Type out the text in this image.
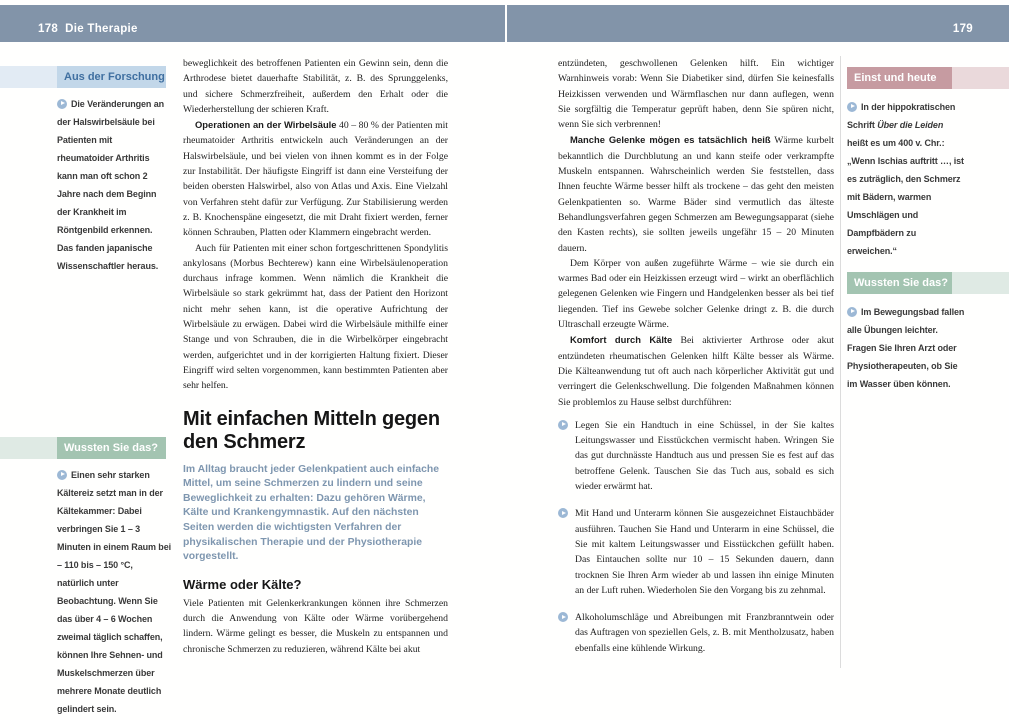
178 Die Therapie	179
Aus der Forschung
Die Veränderungen an der Halswirbelsäule bei Patienten mit rheumatoider Arthritis kann man oft schon 2 Jahre nach dem Beginn der Krankheit im Röntgenbild erkennen. Das fanden japanische Wissenschaftler heraus.
Wussten Sie das?
Einen sehr starken Kältereiz setzt man in der Kältekammer: Dabei verbringen Sie 1 – 3 Minuten in einem Raum bei – 110 bis – 150 °C, natürlich unter Beobachtung. Wenn Sie das über 4 – 6 Wochen zweimal täglich schaffen, können Ihre Sehnen- und Muskelschmerzen über mehrere Monate deutlich gelindert sein.

beweglichkeit des betroffenen Patienten ein Gewinn sein, denn die Arthrodese bietet dauerhafte Stabilität, z. B. des Sprunggelenks, und sichere Schmerzfreiheit, außerdem den Erhalt oder die Wiederherstellung der schieren Kraft.

Operationen an der Wirbelsäule 40 – 80 % der Patienten mit rheumatoider Arthritis entwickeln auch Veränderungen an der Halswirbelsäule, und bei vielen von ihnen kommt es in der Folge zur Instabilität. Der häufigste Eingriff ist dann eine Versteifung der beiden obersten Halswirbel, also von Atlas und Axis. Eine Vielzahl von Verfahren steht dafür zur Verfügung. Zur Stabilisierung werden z. B. Knochenspäne eingesetzt, die mit Draht fixiert werden, ferner können Schrauben, Platten oder Klammern eingebracht werden.

Auch für Patienten mit einer schon fortgeschrittenen Spondylitis ankylosans (Morbus Bechterew) kann eine Wirbelsäulenoperation durchaus infrage kommen. Wenn nämlich die Krankheit die Wirbelsäule so stark gekrümmt hat, dass der Patient den Horizont nicht mehr sehen kann, ist die operative Aufrichtung der Wirbelsäule zu erwägen. Dabei wird die Wirbelsäule mithilfe einer Stange und von Schrauben, die in die Wirbelkörper eingebracht werden, aufgerichtet und in der korrigierten Haltung fixiert. Dieser Eingriff wird selten vorgenommen, kann bestimmten Patienten aber sehr helfen.

Mit einfachen Mitteln gegen den Schmerz

Im Alltag braucht jeder Gelenkpatient auch einfache Mittel, um seine Schmerzen zu lindern und seine Beweglichkeit zu erhalten: Dazu gehören Wärme, Kälte und Krankengymnastik. Auf den nächsten Seiten werden die wichtigsten Verfahren der physikalischen Therapie und der Physiotherapie vorgestellt.

Wärme oder Kälte?

Viele Patienten mit Gelenkerkrankungen können ihre Schmerzen durch die Anwendung von Kälte oder Wärme vorübergehend lindern. Wärme gelingt es besser, die Muskeln zu entspannen und chronische Schmerzen zu reduzieren, während Kälte bei akut

entzündeten, geschwollenen Gelenken hilft. Ein wichtiger Warnhinweis vorab: Wenn Sie Diabetiker sind, dürfen Sie keinesfalls Heizkissen verwenden und Wärmflaschen nur dann auflegen, wenn Sie sorgfältig die Temperatur geprüft haben, denn Sie spüren nicht, wenn Sie sich verbrennen!

Manche Gelenke mögen es tatsächlich heiß Wärme kurbelt bekanntlich die Durchblutung an und kann steife oder verkrampfte Muskeln entspannen. Wahrscheinlich werden Sie feststellen, dass Ihnen feuchte Wärme besser hilft als trockene – das geht den meisten Gelenkpatienten so. Warme Bäder sind vermutlich das älteste Behandlungsverfahren gegen Schmerzen am Bewegungsapparat (siehe den Kasten rechts), sie sollten jeweils ungefähr 15 – 20 Minuten dauern.

Dem Körper von außen zugeführte Wärme – wie sie durch ein warmes Bad oder ein Heizkissen erzeugt wird – wirkt an oberflächlich gelegenen Gelenken wie Fingern und Handgelenken besser als bei tief liegenden. Tief ins Gewebe solcher Gelenke dringt z. B. die durch Ultraschall erzeugte Wärme.

Komfort durch Kälte Bei aktivierter Arthrose oder akut entzündeten rheumatischen Gelenken hilft Kälte besser als Wärme. Die Kälteanwendung tut oft auch nach körperlicher Aktivität gut und verringert die Gelenkschwellung. Die folgenden Maßnahmen können Sie problemlos zu Hause selbst durchführen:

Legen Sie ein Handtuch in eine Schüssel, in der Sie kaltes Leitungswasser und Eisstückchen vermischt haben. Wringen Sie das gut durchnässte Handtuch aus und pressen Sie es fest auf das betroffene Gelenk. Tauschen Sie das Tuch aus, sobald es sich wieder erwärmt hat.
Mit Hand und Unterarm können Sie ausgezeichnet Eistauchbäder ausführen. Tauchen Sie Hand und Unterarm in eine Schüssel, die Sie mit kaltem Leitungswasser und Eisstückchen gefüllt haben. Das Eintauchen sollte nur 10 – 15 Sekunden dauern, dann trocknen Sie Ihren Arm wieder ab und lassen ihn einige Minuten an der Luft ruhen. Wiederholen Sie den Vorgang bis zu zehnmal.
Alkoholumschläge und Abreibungen mit Franzbranntwein oder das Auftragen von speziellen Gels, z. B. mit Mentholzusatz, haben ebenfalls eine kühlende Wirkung.
Einst und heute
In der hippokratischen Schrift Über die Leiden heißt es um 400 v. Chr.: „Wenn Ischias auftritt …, ist es zuträglich, den Schmerz mit Bädern, warmen Umschlägen und Dampfbädern zu erweichen.“
Wussten Sie das?
Im Bewegungsbad fallen alle Übungen leichter. Fragen Sie Ihren Arzt oder Physiotherapeuten, ob Sie im Wasser üben können.
